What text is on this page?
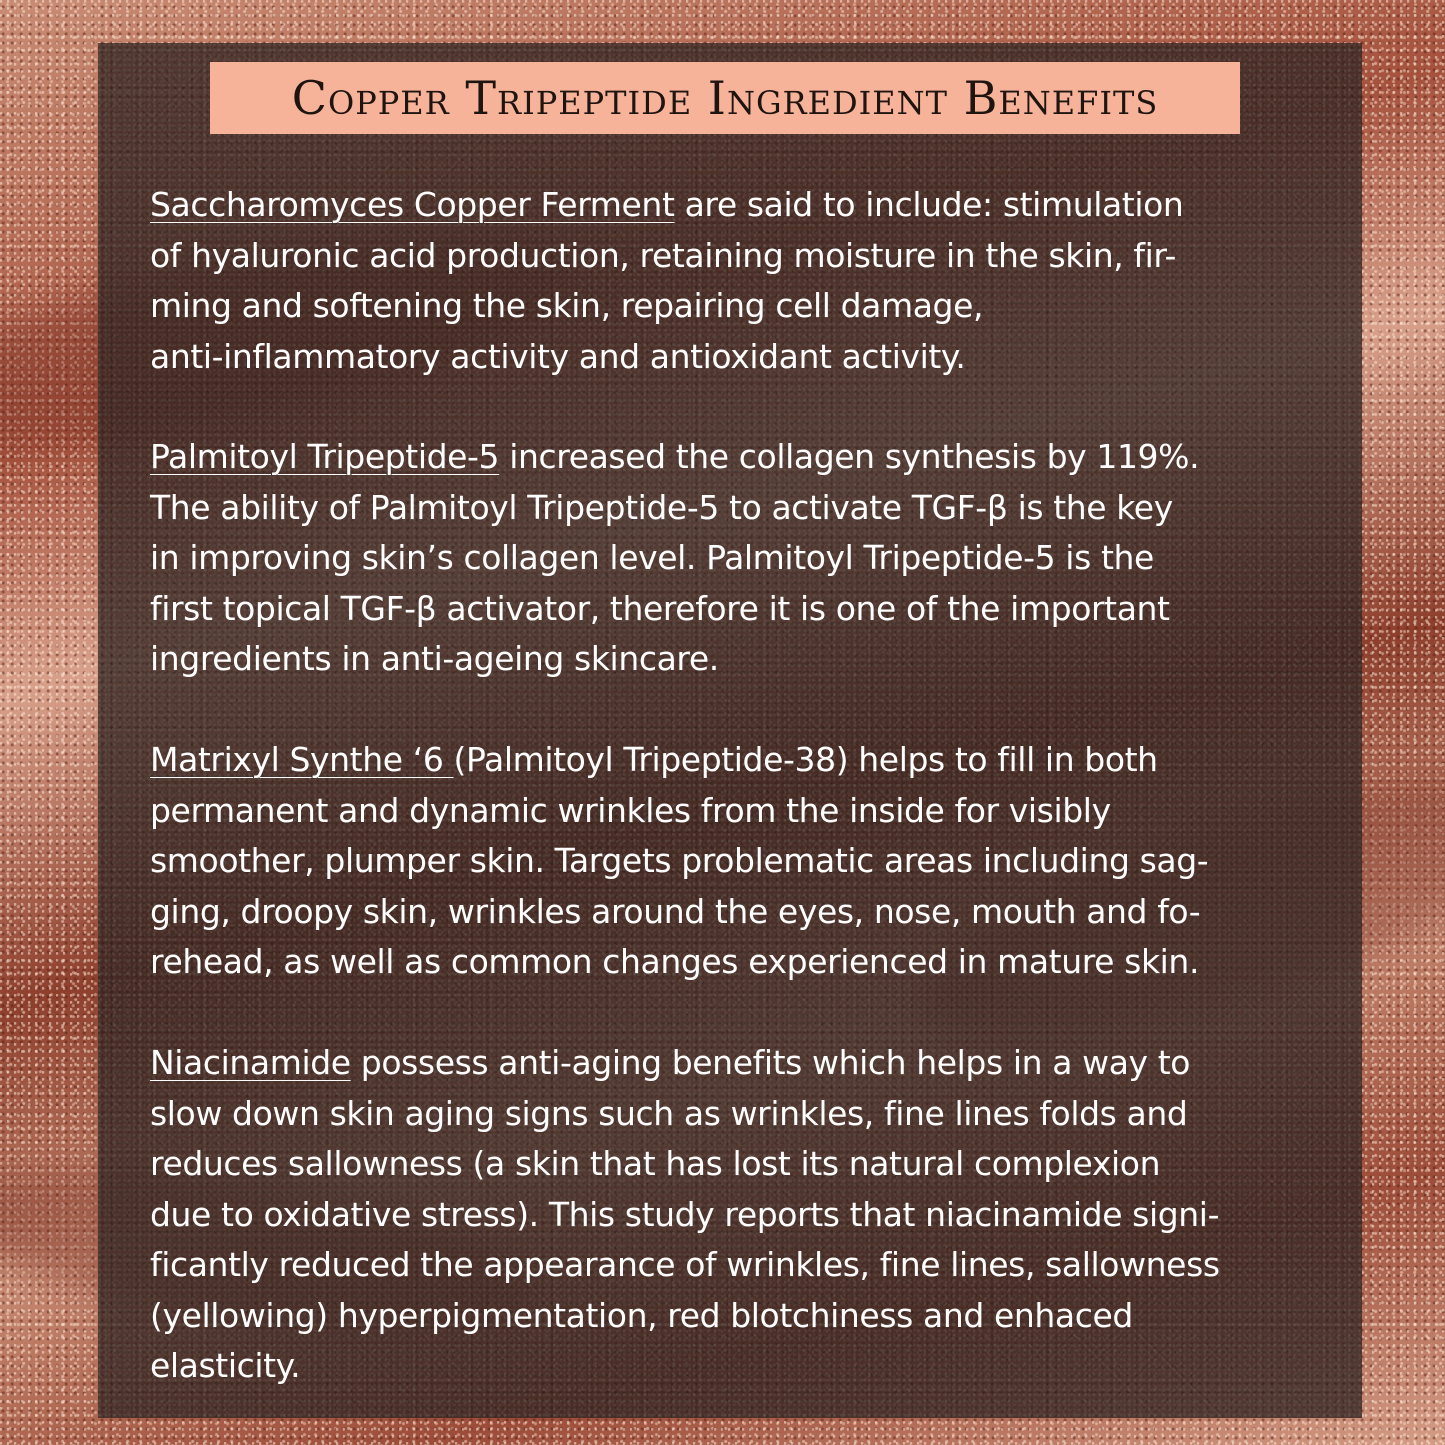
Copper Tripeptide Ingredient Benefits

Saccharomyces Copper Ferment are said to include: stimulation
of hyaluronic acid production, retaining moisture in the skin, fir-
ming and softening the skin, repairing cell damage,
anti-inflammatory activity and antioxidant activity.

Palmitoyl Tripeptide-5 increased the collagen synthesis by 119%.
The ability of Palmitoyl Tripeptide-5 to activate TGF-β is the key
in improving skin’s collagen level. Palmitoyl Tripeptide-5 is the
first topical TGF-β activator, therefore it is one of the important
ingredients in anti-ageing skincare.

Matrixyl Synthe ‘6 (Palmitoyl Tripeptide-38) helps to fill in both
permanent and dynamic wrinkles from the inside for visibly
smoother, plumper skin. Targets problematic areas including sag-
ging, droopy skin, wrinkles around the eyes, nose, mouth and fo-
rehead, as well as common changes experienced in mature skin.

Niacinamide possess anti-aging benefits which helps in a way to
slow down skin aging signs such as wrinkles, fine lines folds and
reduces sallowness (a skin that has lost its natural complexion
due to oxidative stress). This study reports that niacinamide signi-
ficantly reduced the appearance of wrinkles, fine lines, sallowness
(yellowing) hyperpigmentation, red blotchiness and enhaced
elasticity.
